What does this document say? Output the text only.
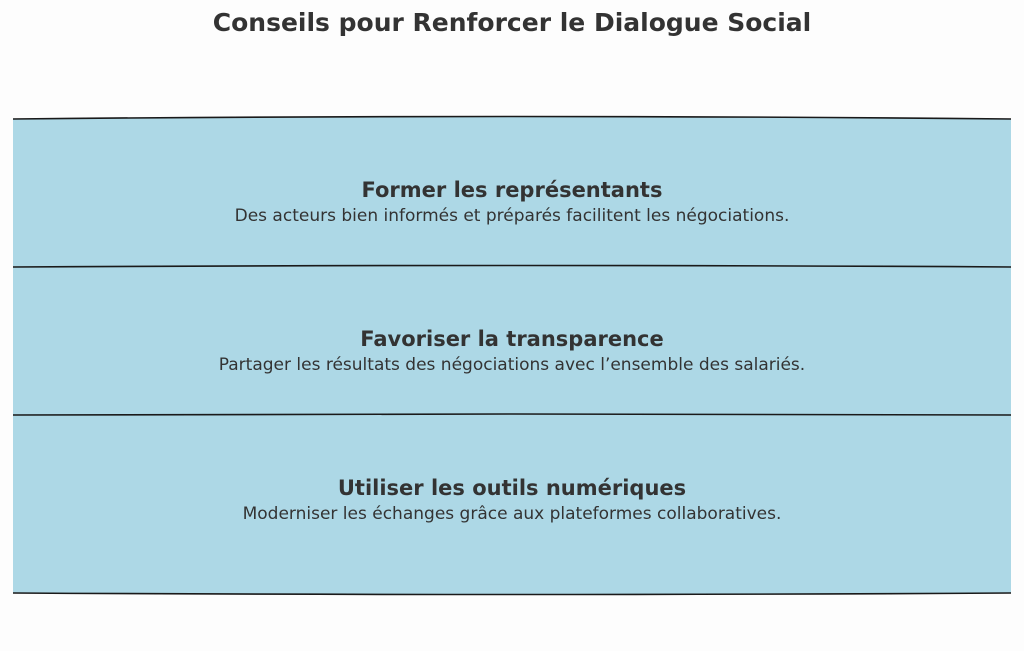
Conseils pour Renforcer le Dialogue Social
Former les représentants
Des acteurs bien informés et préparés facilitent les négociations.
Favoriser la transparence
Partager les résultats des négociations avec l’ensemble des salariés.
Utiliser les outils numériques
Moderniser les échanges grâce aux plateformes collaboratives.
